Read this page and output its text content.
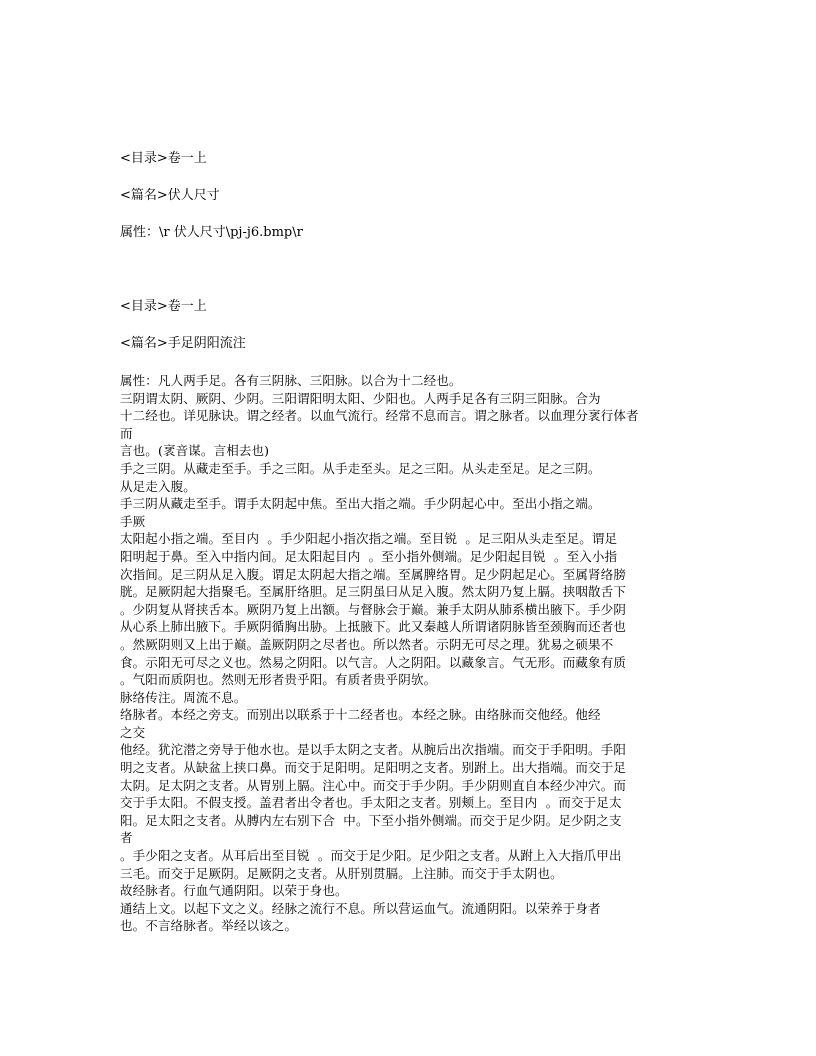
<目录>卷一上

<篇名>伏人尺寸

属性：\r 伏人尺寸\pj-j6.bmp\r

<目录>卷一上

<篇名>手足阴阳流注

属性：凡人两手足。各有三阴脉、三阳脉。以合为十二经也。

三阴谓太阴、厥阴、少阴。三阳谓阳明太阳、少阳也。人两手足各有三阴三阳脉。合为

十二经也。详见脉诀。谓之经者。以血气流行。经常不息而言。谓之脉者。以血理分衺行体者

而

言也。(衺音谋。言相去也)

手之三阴。从藏走至手。手之三阳。从手走至头。足之三阳。从头走至足。足之三阴。

从足走入腹。

手三阴从藏走至手。谓手太阴起中焦。至出大指之端。手少阴起心中。至出小指之端。

手厥

太阳起小指之端。至目内  。手少阳起小指次指之端。至目锐  。足三阳从头走至足。谓足

阳明起于鼻。至入中指内间。足太阳起目内  。至小指外侧端。足少阳起目锐  。至入小指

次指间。足三阴从足入腹。谓足太阴起大指之端。至属脾络胃。足少阴起足心。至属肾络膀

胱。足厥阴起大指聚毛。至属肝络胆。足三阴虽曰从足入腹。然太阴乃复上膈。挟咽散舌下

。少阴复从肾挟舌本。厥阴乃复上出额。与督脉会于巅。兼手太阴从肺系横出腋下。手少阴

从心系上肺出腋下。手厥阴循胸出胁。上抵腋下。此又秦越人所谓诸阴脉皆至颈胸而还者也

。然厥阴则又上出于巅。盖厥阴阴之尽者也。所以然者。示阴无可尽之理。犹易之硕果不

食。示阳无可尽之义也。然易之阴阳。以气言。人之阴阳。以藏象言。气无形。而藏象有质

。气阳而质阴也。然则无形者贵乎阳。有质者贵乎阴欤。

脉络传注。周流不息。

络脉者。本经之旁支。而别出以联系于十二经者也。本经之脉。由络脉而交他经。他经

之交

他经。犹沱潜之旁导于他水也。是以手太阴之支者。从腕后出次指端。而交于手阳明。手阳

明之支者。从缺盆上挟口鼻。而交于足阳明。足阳明之支者。别跗上。出大指端。而交于足

太阴。足太阴之支者。从胃别上膈。注心中。而交于手少阴。手少阴则直自本经少冲穴。而

交于手太阳。不假支授。盖君者出令者也。手太阳之支者。别颊上。至目内  。而交于足太

阳。足太阳之支者。从膊内左右别下合  中。下至小指外侧端。而交于足少阴。足少阴之支

者

。手少阳之支者。从耳后出至目锐  。而交于足少阳。足少阳之支者。从跗上入大指爪甲出

三毛。而交于足厥阴。足厥阴之支者。从肝别贯膈。上注肺。而交于手太阴也。

故经脉者。行血气通阴阳。以荣于身也。

通结上文。以起下文之义。经脉之流行不息。所以营运血气。流通阴阳。以荣养于身者

也。不言络脉者。举经以该之。
